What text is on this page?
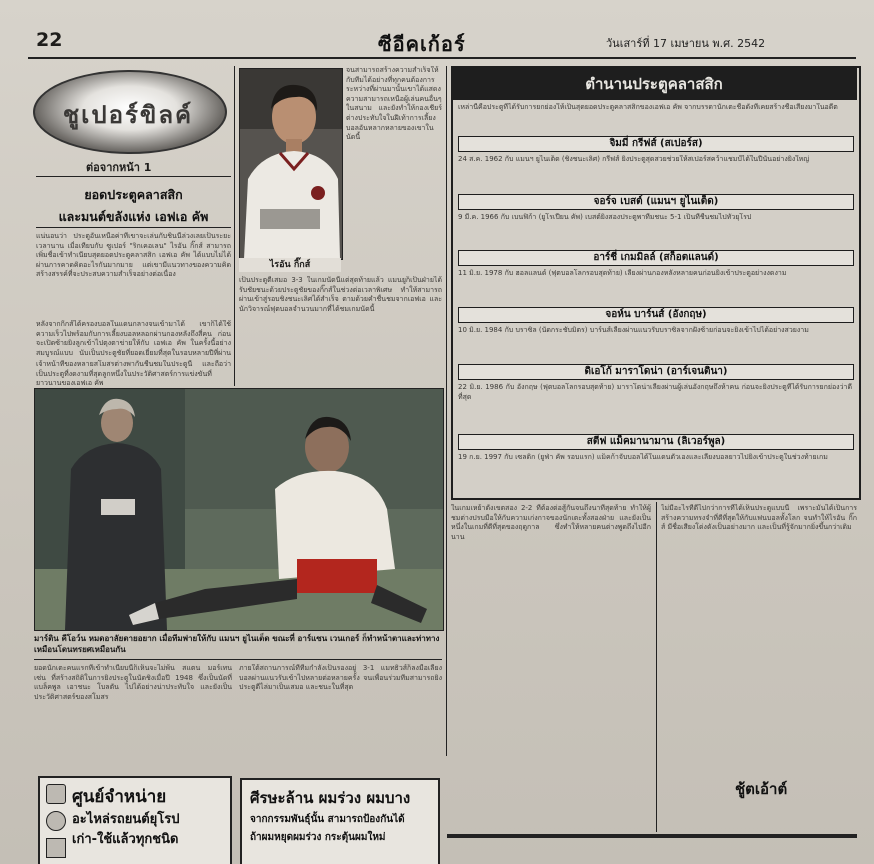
22	ซีอีคเก้อร์	วันเสาร์ที่ 17 เมษายน พ.ศ. 2542
ชูเปอร์ขิลค์
ต่อจากหน้า 1
ยอดประตูคลาสสิก
และมนต์ขลังแห่ง เอฟเอ คัพ
แน่นอนว่า ประตูอันเหนือค่าที่เขาจะเล่นกับชิ้นนี้ล่วงเลยเป็นระยะเวลานาน เมื่อเทียบกับ ซูเปอร์ "ริกเคอเลน" ไรอัน กิ๊กส์ สามารถเพิ่มชื่อเข้าทำเนียบสุดยอดประตูคลาสสิก เอฟเอ คัพ ได้แบบไม่ได้ผ่านการคาดคิดอะไรกันมากมาย แต่เขามีแนวทางของความคิดสร้างสรรค์ที่จะประสบความสำเร็จอย่างต่อเนื่อง
หลังจากกิ๊กส์ได้ครองบอลในแดนกลางจนเข้ามาได้ เขาก็ได้ใช้ความเร็วไปพร้อมกับการเลี้ยงบอลหลอกผ่านกองหลังถึงสี่คน ก่อนจะเปิดซ้ายยิงลูกเข้าไปตุงตาข่ายให้กับ เอฟเอ คัพ ในครั้งนี้อย่างสมบูรณ์แบบ นับเป็นประตูชัยที่ยอดเยี่ยมที่สุดในรอบหลายปีที่ผ่าน
เจ้าหน้าที่ของหลายสโมสรต่างพากันชื่นชมในประตูนี้ และถือว่าเป็นประตูที่งดงามที่สุดลูกหนึ่งในประวัติศาสตร์การแข่งขันที่ยาวนานของเอฟเอ คัพ
ไรอัน กิ๊กส์
จนสามารถสร้างความสำเร็จให้กับทีมได้อย่างที่ทุกคนต้องการ ระหว่างที่ผ่านมานั้นเขาได้แสดงความสามารถเหนือผู้เล่นคนอื่นๆ ในสนาม และยังทำให้กองเชียร์ต่างประทับใจในฝีเท้าการเลี้ยงบอลอันหลากหลายของเขาในนัดนี้
เป็นประตูตีเสมอ 3-3 ในเกมนัดนี้แต่สุดท้ายแล้ว แมนยูก็เป็นฝ่ายได้รับชัยชนะด้วยประตูชัยของกิ๊กส์ในช่วงต่อเวลาพิเศษ ทำให้สามารถผ่านเข้าสู่รอบชิงชนะเลิศได้สำเร็จ ตามด้วยคำชื่นชมจากเอฟเอ และนักวิจารณ์ฟุตบอลจำนวนมากที่ได้ชมเกมนัดนี้
มาร์ติน คีโอว์น หมดอาลัยตายอยาก เมื่อทีมพ่ายให้กับ แมนฯ ยูไนเต็ด ขณะที่ อาร์แซน เวนเกอร์ ก็ทำหน้าตาและท่าทางเหมือนโดนทรยศเหมือนกัน
ยอดนักเตะคนแรกที่เข้าทำเนียบนี้ก็เห็นจะไม่พ้น สแตน มอร์เทนเซ่น ที่สร้างสถิติในการยิงประตูในนัดชิงเมื่อปี 1948 ซึ่งเป็นนัดที่ แบล็คพูล เอาชนะ โบลตัน ไปได้อย่างน่าประทับใจ และยังเป็นประวัติศาสตร์ของสโมสร
ภายใต้สถานการณ์ที่ทีมกำลังเป็นรองอยู่ 3-1 แมทธิวส์ก็ลงมือเลี้ยงบอลผ่านแนวรับเข้าไปหลายต่อหลายครั้ง จนเพื่อนร่วมทีมสามารถยิงประตูตีไล่มาเป็นเสมอ และชนะในที่สุด
ตำนานประตูคลาสสิก
เหล่านี้คือประตูที่ได้รับการยกย่องให้เป็นสุดยอดประตูคลาสสิกของเอฟเอ คัพ จากบรรดานักเตะชื่อดังที่เคยสร้างชื่อเสียงมาในอดีต
จิมมี่ กรีฟส์ (สเปอร์ส)
24 ส.ค. 1962 กับ แมนฯ ยูไนเต็ด (ชิงชนะเลิศ) กรีฟส์ ยิงประตูสุดสวยช่วยให้สเปอร์สคว้าแชมป์ได้ในปีนั้นอย่างยิ่งใหญ่
จอร์จ เบสต์ (แมนฯ ยูไนเต็ด)
9 มี.ค. 1966 กับ เบนฟิก้า (ยูโรเปี้ยน คัพ) เบสต์ยิงสองประตูพาทีมชนะ 5-1 เป็นที่ชื่นชมไปทั่วยุโรป
อาร์ชี่ เกมมิลล์ (สก็อตแลนด์)
11 มิ.ย. 1978 กับ ฮอลแลนด์ (ฟุตบอลโลกรอบสุดท้าย) เลี้ยงผ่านกองหลังหลายคนก่อนยิงเข้าประตูอย่างงดงาม
จอห์น บาร์นส์ (อังกฤษ)
10 มิ.ย. 1984 กับ บราซิล (นัดกระชับมิตร) บาร์นส์เลี้ยงผ่านแนวรับบราซิลจากฝั่งซ้ายก่อนจะยิงเข้าไปได้อย่างสวยงาม
ดิเอโก้ มาราโดน่า (อาร์เจนตินา)
22 มิ.ย. 1986 กับ อังกฤษ (ฟุตบอลโลกรอบสุดท้าย) มาราโดน่าเลี้ยงผ่านผู้เล่นอังกฤษถึงห้าคน ก่อนจะยิงประตูที่ได้รับการยกย่องว่าดีที่สุด
สตีฟ แม็คมานามาน (ลิเวอร์พูล)
19 ก.ย. 1997 กับ เซลติก (ยูฟ่า คัพ รอบแรก) แม็คก้าจับบอลได้ในแดนตัวเองและเลี้ยงบอลยาวไปยิงเข้าประตูในช่วงท้ายเกม
ในเกมเหย้าตั้งเขตสอง 2-2 ที่ต้องต่อสู้กันจนถึงนาทีสุดท้าย ทำให้ผู้ชมต่างปรบมือให้กับความเก่งกาจของนักเตะทั้งสองฝ่าย และยังเป็นหนึ่งในเกมที่ดีที่สุดของฤดูกาล ซึ่งทำให้หลายคนต่างพูดถึงไปอีกนาน
ไม่มีอะไรที่ดีไปกว่าการที่ได้เห็นประตูแบบนี้ เพราะมันได้เป็นการสร้างความทรงจำที่ดีที่สุดให้กับแฟนบอลทั้งโลก จนทำให้ไรอัน กิ๊กส์ มีชื่อเสียงโด่งดังเป็นอย่างมาก และเป็นที่รู้จักมากยิ่งขึ้นกว่าเดิม
ชู้ตเอ้าต์
ศูนย์จำหน่าย
อะไหล่รถยนต์ยุโรป
เก่า-ใช้แล้วทุกชนิด
ศีรษะล้าน ผมร่วง ผมบาง
จากกรรมพันธุ์นั้น สามารถป้องกันได้
ถ้าผมหยุดผมร่วง กระตุ้นผมใหม่
